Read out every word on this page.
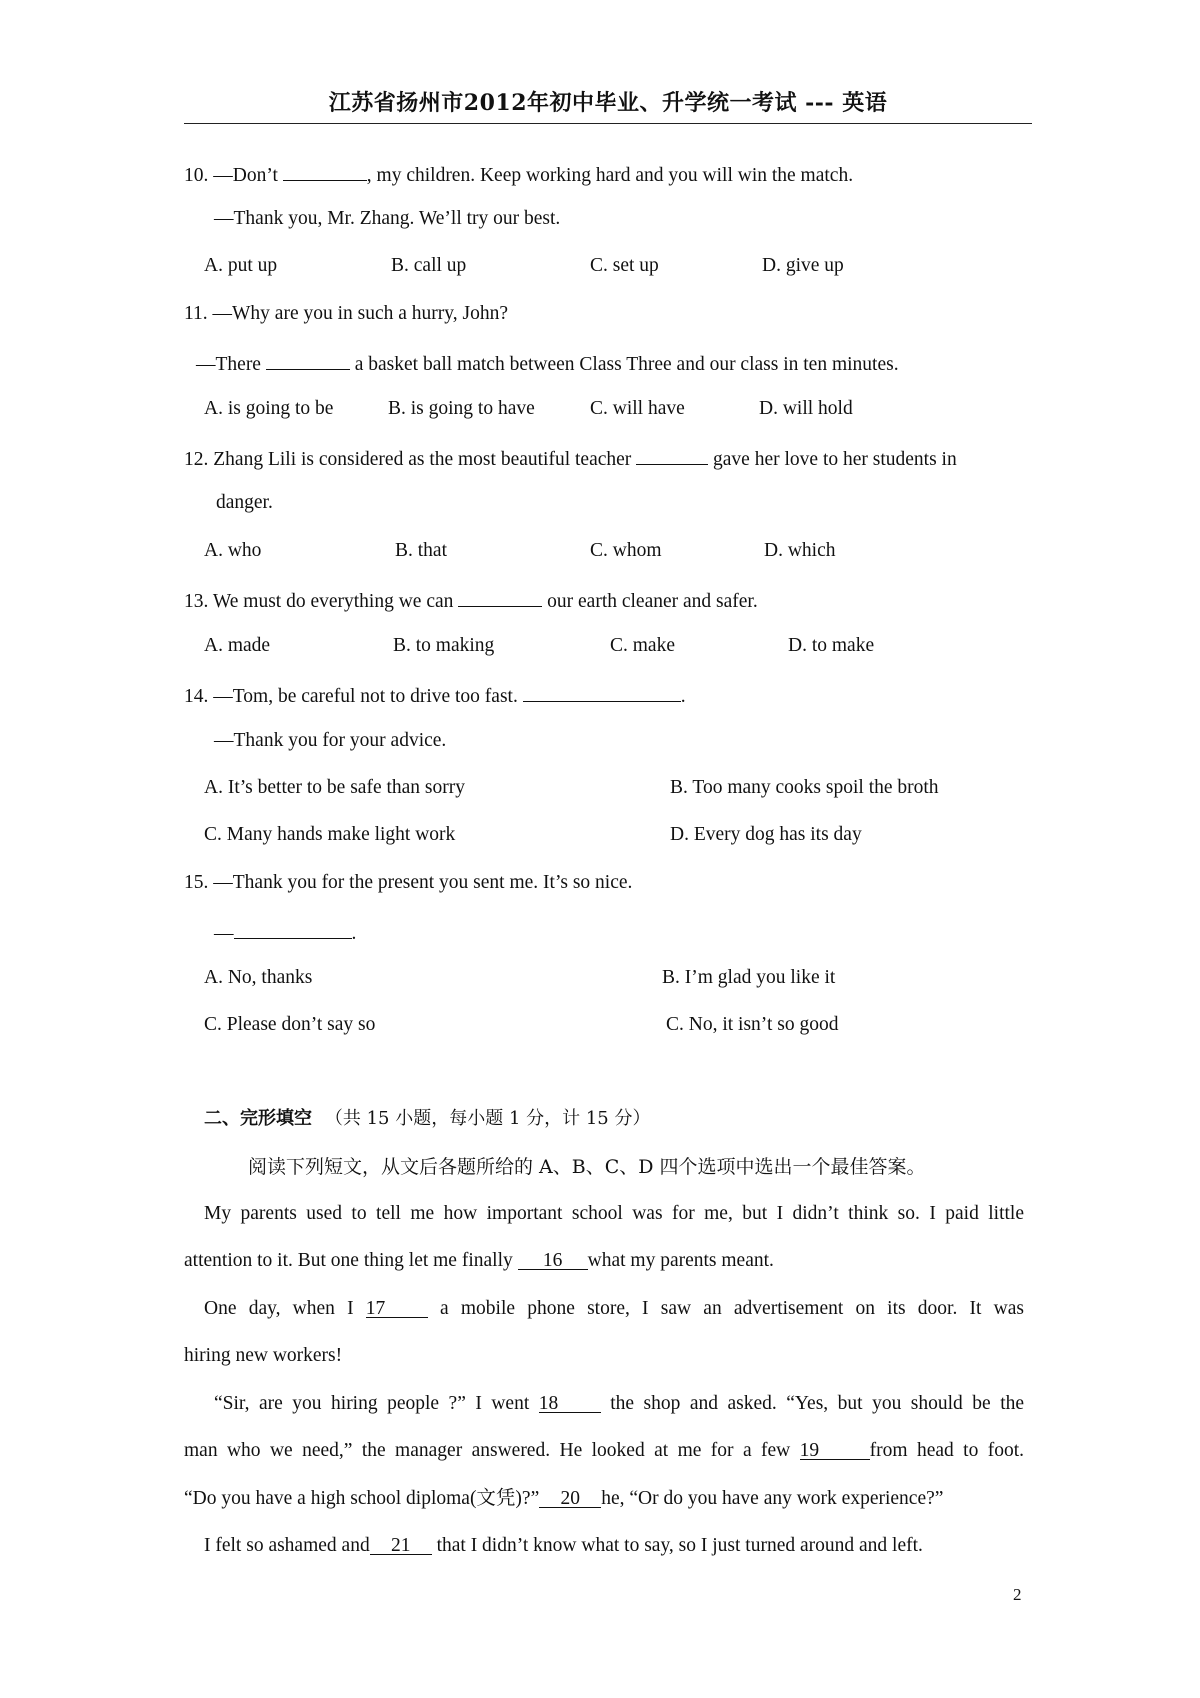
江苏省扬州市2012年初中毕业、升学统一考试 --- 英语
10. —Don’t	, my children. Keep working hard and you will win the match.
—Thank you, Mr. Zhang. We’ll try our best.
A. put up	B. call up	C. set up	D. give up
11. —Why are you in such a hurry, John?
—There	a basket ball match between Class Three and our class in ten minutes.
A. is going to be	B. is going to have	C. will have	D. will hold
12. Zhang Lili is considered as the most beautiful teacher	gave her love to her students in
danger.
A. who	B. that	C. whom	D. which
13. We must do everything we can	our earth cleaner and safer.
A. made	B. to making	C. make	D. to make
14. —Tom, be careful not to drive too fast.	.
—Thank you for your advice.
A. It’s better to be safe than sorry	B. Too many cooks spoil the broth
C. Many hands make light work	D. Every dog has its day
15. —Thank you for the present you sent me. It’s so nice.
—	.
A. No, thanks	B. I’m glad you like it
C. Please don’t say so	C. No, it isn’t so good
二、完形填空 （共 15 小题，每小题 1 分，计 15 分）
阅读下列短文，从文后各题所给的 A、B、C、D 四个选项中选出一个最佳答案。
My parents used to tell me how important school was for me, but I didn’t think so. I paid little
attention to it. But one thing let me finally 16 what my parents meant.
One day, when I 17	a mobile phone store, I saw an advertisement on its door. It was
hiring new workers!
“Sir, are you hiring people ?” I went 18	the shop and asked. “Yes, but you should be the
man who we need,” the manager answered. He looked at me for a few 19	from head to foot.
“Do you have a high school diploma(文凭)?” 20 he, “Or do you have any work experience?”
I felt so ashamed and 21 that I didn’t know what to say, so I just turned around and left.
2
